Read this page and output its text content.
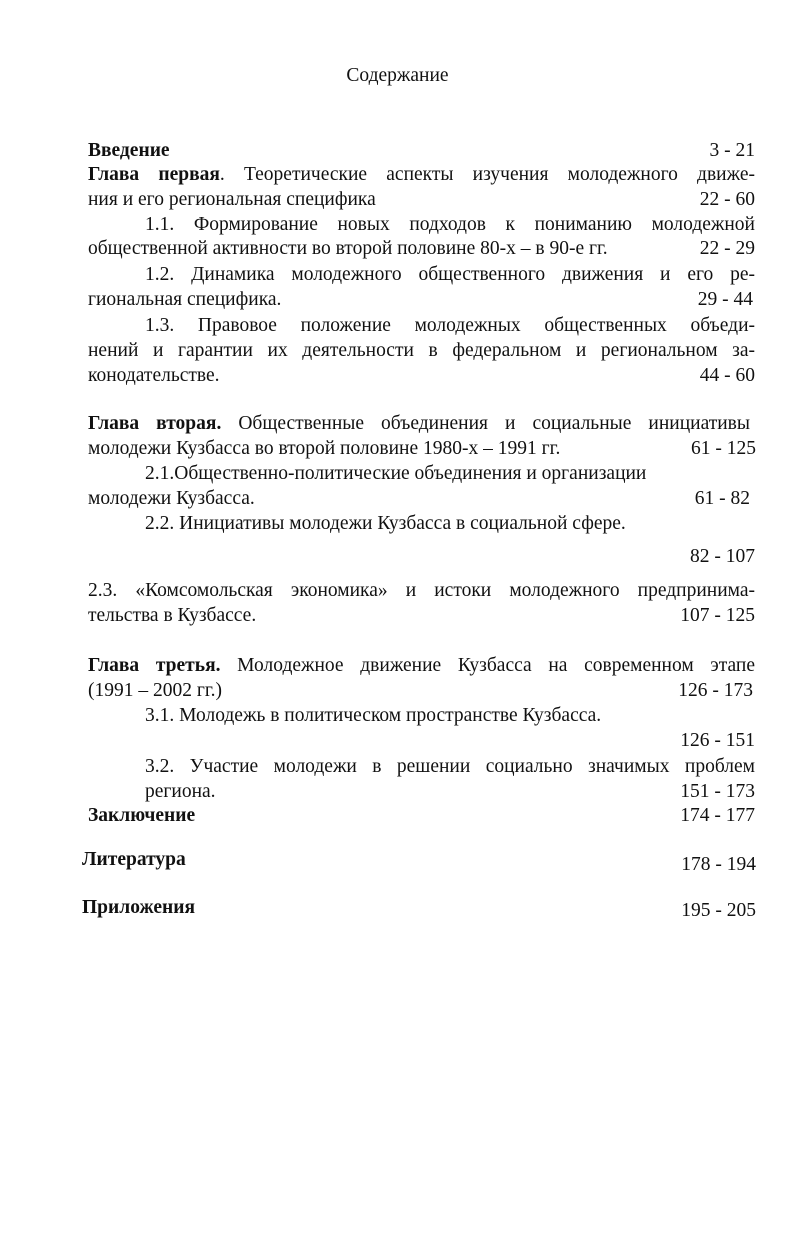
Содержание
Введение	3 - 21
Глава первая. Теоретические аспекты изучения молодежного движе-
ния и его региональная специфика	22 - 60
1.1. Формирование новых подходов к пониманию молодежной
общественной активности во второй половине 80-х – в 90-е гг.	22 - 29
1.2. Динамика молодежного общественного движения и его ре-
гиональная специфика.	29 - 44
1.3. Правовое положение молодежных общественных объеди-
нений и гарантии их деятельности в федеральном и региональном за-
конодательстве.	44 - 60
Глава вторая. Общественные объединения и социальные инициативы
молодежи Кузбасса во второй половине 1980-х – 1991 гг.	61 - 125
2.1.Общественно-политические объединения и организации
молодежи Кузбасса.	61 - 82
2.2. Инициативы молодежи Кузбасса в социальной сфере.
82 - 107
2.3. «Комсомольская экономика» и истоки молодежного предпринима-
тельства в Кузбассе.	107 - 125
Глава третья. Молодежное движение Кузбасса на современном этапе
(1991 – 2002 гг.)	126 - 173
3.1. Молодежь в политическом пространстве Кузбасса.
126 - 151
3.2. Участие молодежи в решении социально значимых проблем
региона.	151 - 173
Заключение	174 - 177
Литература	178 - 194
Приложения	195 - 205
